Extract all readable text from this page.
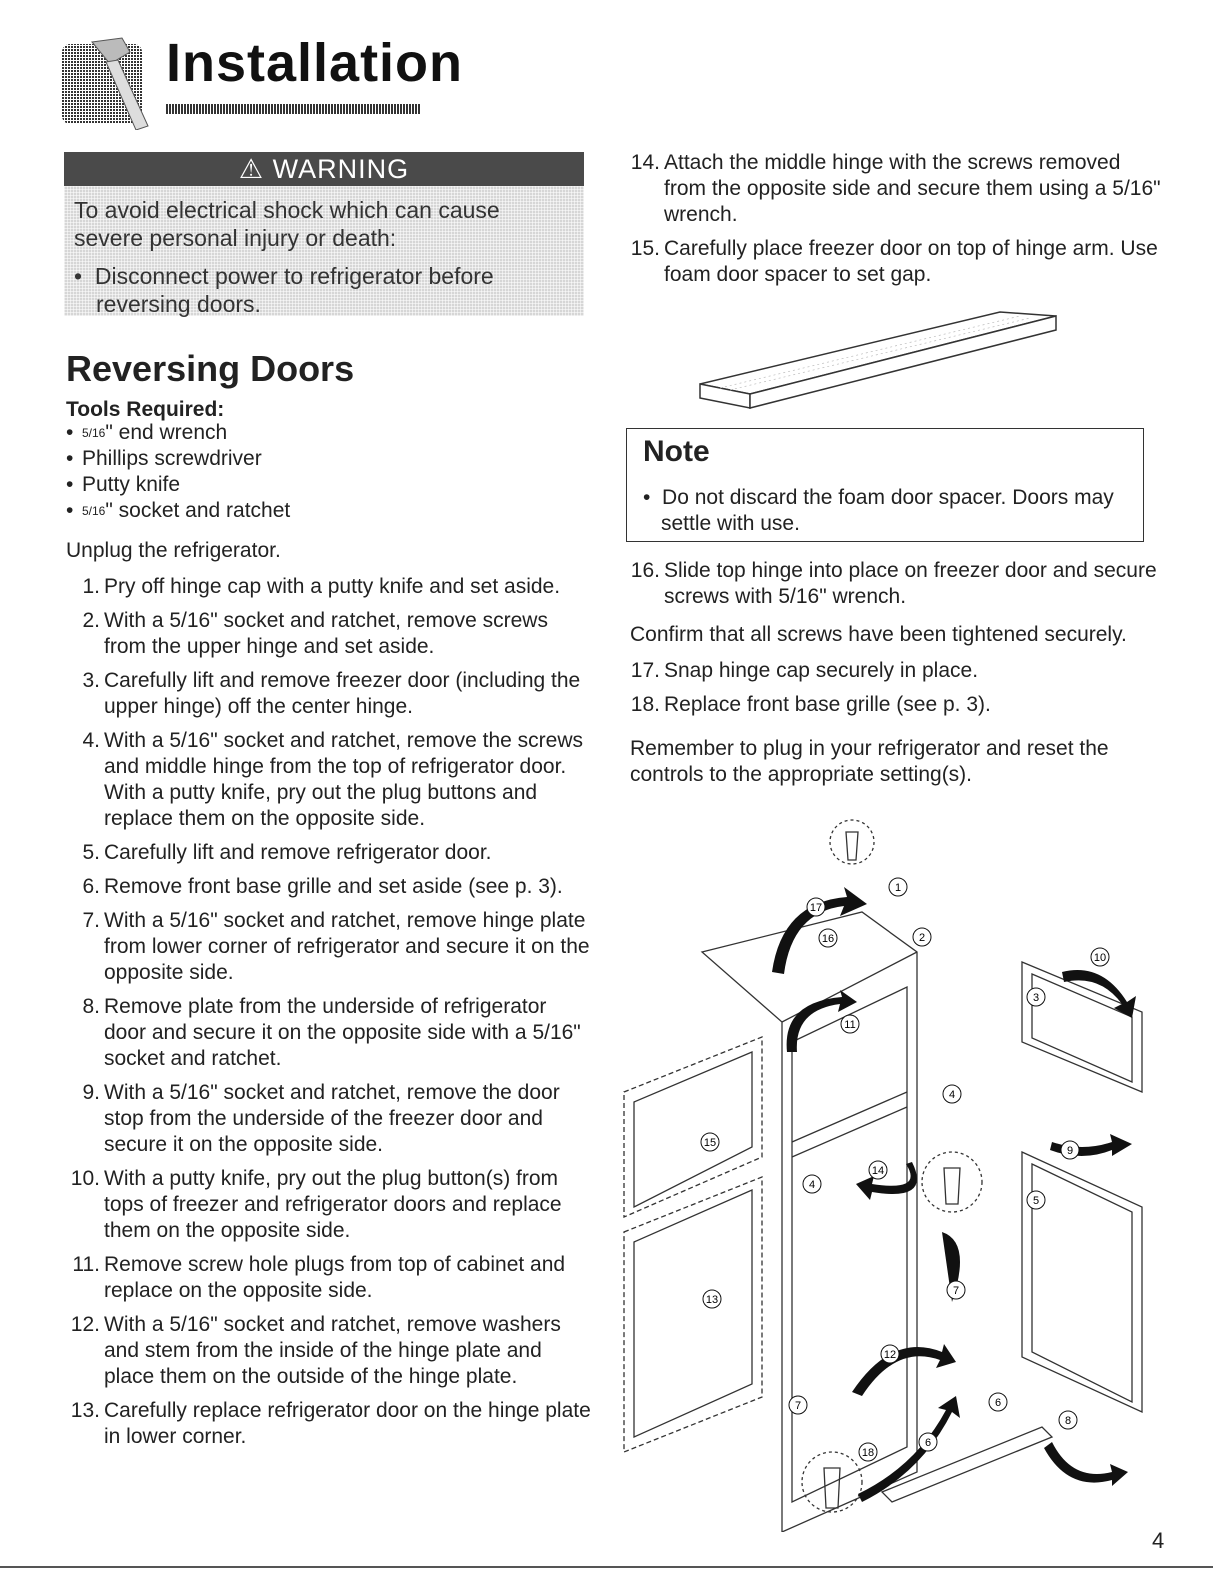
Installation
⚠ WARNING

To avoid electrical shock which can cause severe personal injury or death:

•  Disconnect power to refrigerator before reversing doors.

Reversing Doors
Tools Required:
• $^{5/16}$" end wrench
• Phillips screwdriver
• Putty knife
• $^{5/16}$" socket and ratchet
Unplug the refrigerator.
1. Pry off hinge cap with a putty knife and set aside.
2. With a 5/16" socket and ratchet, remove screws from the upper hinge and set aside.
3. Carefully lift and remove freezer door (including the upper hinge) off the center hinge.
4. With a 5/16" socket and ratchet, remove the screws and middle hinge from the top of refrigerator door. With a putty knife, pry out the plug buttons and replace them on the opposite side.
5. Carefully lift and remove refrigerator door.
6. Remove front base grille and set aside (see p. 3).
7. With a 5/16" socket and ratchet, remove hinge plate from lower corner of refrigerator and secure it on the opposite side.
8. Remove plate from the underside of refrigerator door and secure it on the opposite side with a 5/16" socket and ratchet.
9. With a 5/16" socket and ratchet, remove the door stop from the underside of the freezer door and secure it on the opposite side.
10. With a putty knife, pry out the plug button(s) from tops of freezer and refrigerator doors and replace them on the opposite side.
11. Remove screw hole plugs from top of cabinet and replace on the opposite side.
12. With a 5/16" socket and ratchet, remove washers and stem from the inside of the hinge plate and place them on the outside of the hinge plate.
13. Carefully replace refrigerator door on the hinge plate in lower corner.
14. Attach the middle hinge with the screws removed from the opposite side and secure them using a 5/16" wrench.
15. Carefully place freezer door on top of hinge arm. Use foam door spacer to set gap.
Note
•  Do not discard the foam door spacer. Doors may settle with use.
16. Slide top hinge into place on freezer door and secure screws with 5/16" wrench.
Confirm that all screws have been tightened securely.
17. Snap hinge cap securely in place.
18. Replace front base grille (see p. 3).
Remember to plug in your refrigerator and reset the controls to the appropriate setting(s).
1
2
3
4
4
5
6
6
7
7
8
9
10
11
12
13
14
15
16
17
18
4
